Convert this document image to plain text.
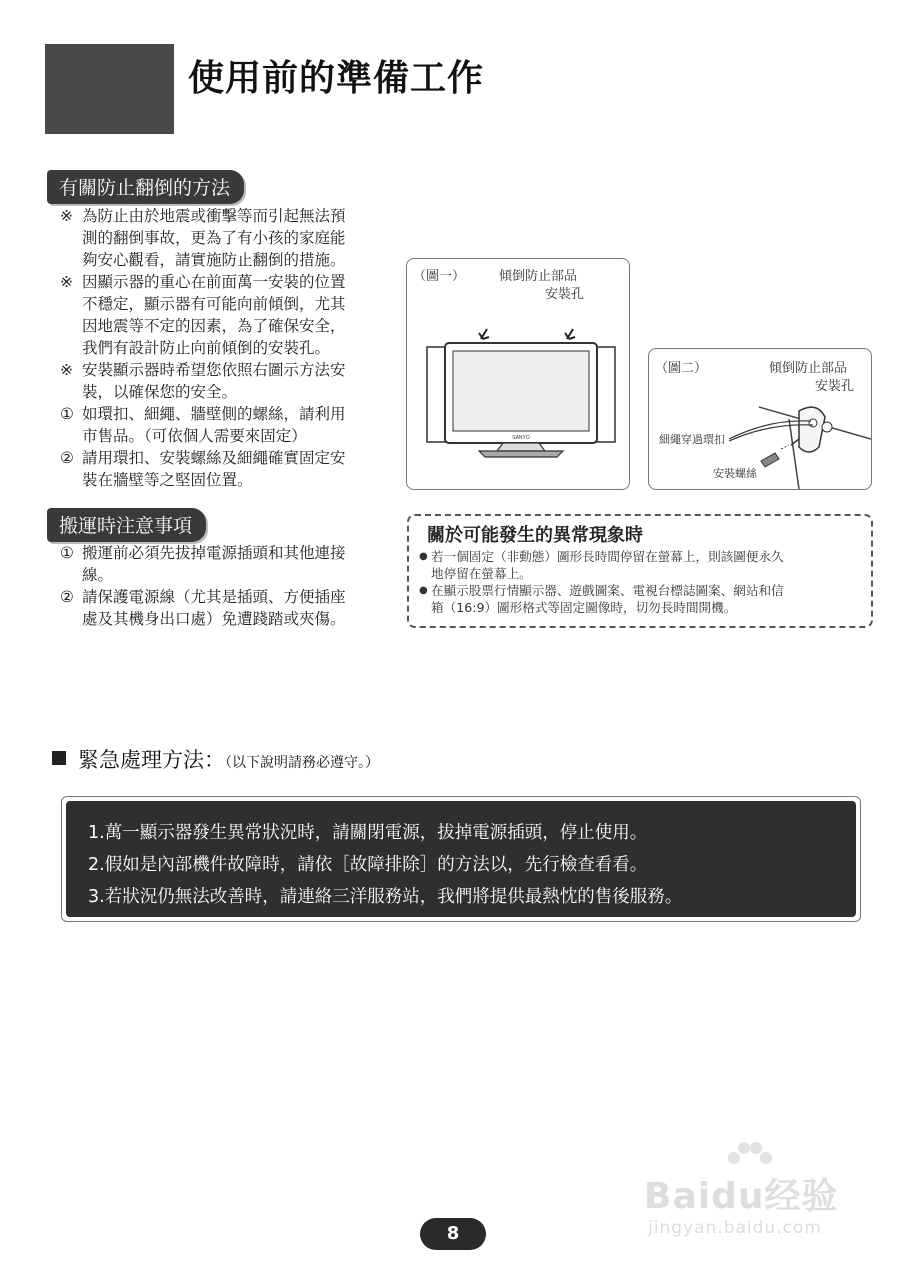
使用前的準備工作
有關防止翻倒的方法
※ 為防止由於地震或衝擊等而引起無法預
測的翻倒事故，更為了有小孩的家庭能
夠安心觀看，請實施防止翻倒的措施。
※ 因顯示器的重心在前面萬一安裝的位置
不穩定，顯示器有可能向前傾倒，尤其
因地震等不定的因素，為了確保安全，
我們有設計防止向前傾倒的安裝孔。
※ 安裝顯示器時希望您依照右圖示方法安
裝，以確保您的安全。
① 如環扣、細繩、牆壁側的螺絲，請利用
市售品。（可依個人需要來固定）
② 請用環扣、安裝螺絲及細繩確實固定安
裝在牆壁等之堅固位置。
（圖一）	傾倒防止部品
安裝孔
SANYO
（圖二）	傾倒防止部品
安裝孔
細繩穿過環扣
安裝螺絲
搬運時注意事項
① 搬運前必須先拔掉電源插頭和其他連接
線。
② 請保護電源線（尤其是插頭、方便插座
處及其機身出口處）免遭踐踏或夾傷。
關於可能發生的異常現象時
● 若一個固定（非動態）圖形長時間停留在螢幕上，則該圖便永久
地停留在螢幕上。
● 在顯示股票行情顯示器、遊戲圖案、電視台標誌圖案、網站和信
箱（16:9）圖形格式等固定圖像時，切勿長時間開機。
緊急處理方法：（以下說明請務必遵守。）
1.萬一顯示器發生異常狀況時，請關閉電源，拔掉電源插頭，停止使用。
2.假如是內部機件故障時，請依［故障排除］的方法以，先行檢查看看。
3.若狀況仍無法改善時，請連絡三洋服務站，我們將提供最熱忱的售後服務。
Baidu经验
jingyan.baidu.com
8
